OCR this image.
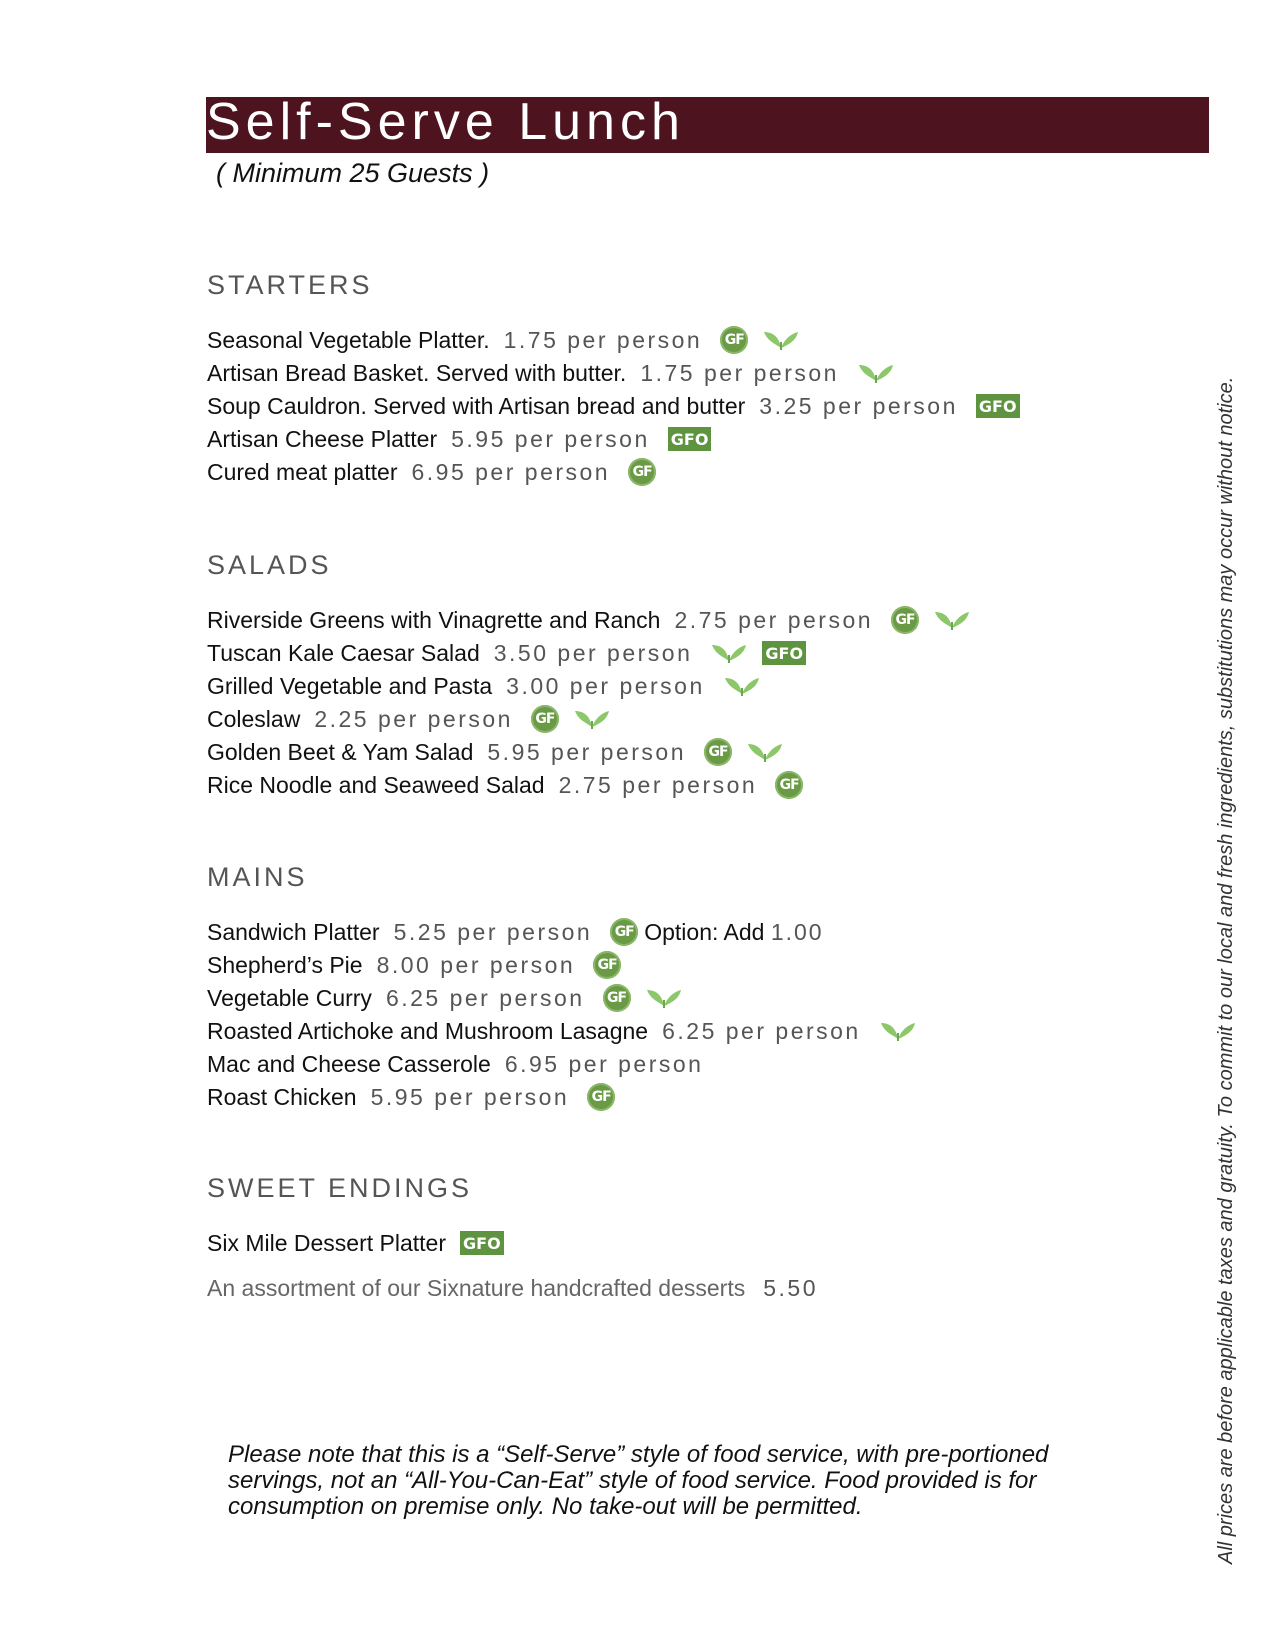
Self-Serve Lunch
( Minimum 25 Guests )
STARTERS
Seasonal Vegetable Platter. 1.75 per person	GF
Artisan Bread Basket. Served with butter. 1.75 per person
Soup Cauldron. Served with Artisan bread and butter 3.25 per person GFO
Artisan Cheese Platter 5.95 per person GFO
Cured meat platter 6.95 per person	GF
SALADS
Riverside Greens with Vinagrette and Ranch 2.75 per person	GF
Tuscan Kale Caesar Salad 3.50 per person	GFO
Grilled Vegetable and Pasta 3.00 per person
Coleslaw 2.25 per person	GF
Golden Beet & Yam Salad 5.95 per person	GF
Rice Noodle and Seaweed Salad 2.75 per person	GF
MAINS
Sandwich Platter 5.25 per person	GF Option: Add 1.00
Shepherd’s Pie 8.00 per person	GF
Vegetable Curry 6.25 per person	GF
Roasted Artichoke and Mushroom Lasagne 6.25 per person
Mac and Cheese Casserole 6.95 per person
Roast Chicken 5.95 per person	GF
SWEET ENDINGS
Six Mile Dessert Platter GFO
An assortment of our Sixnature handcrafted desserts 5.50
Please note that this is a “Self-Serve” style of food service, with pre-portioned servings, not an “All-You-Can-Eat” style of food service. Food provided is for consumption on premise only. No take-out will be permitted.	All prices are before applicable taxes and gratuity. To commit to our local and fresh ingredients, substitutions may occur without notice.
